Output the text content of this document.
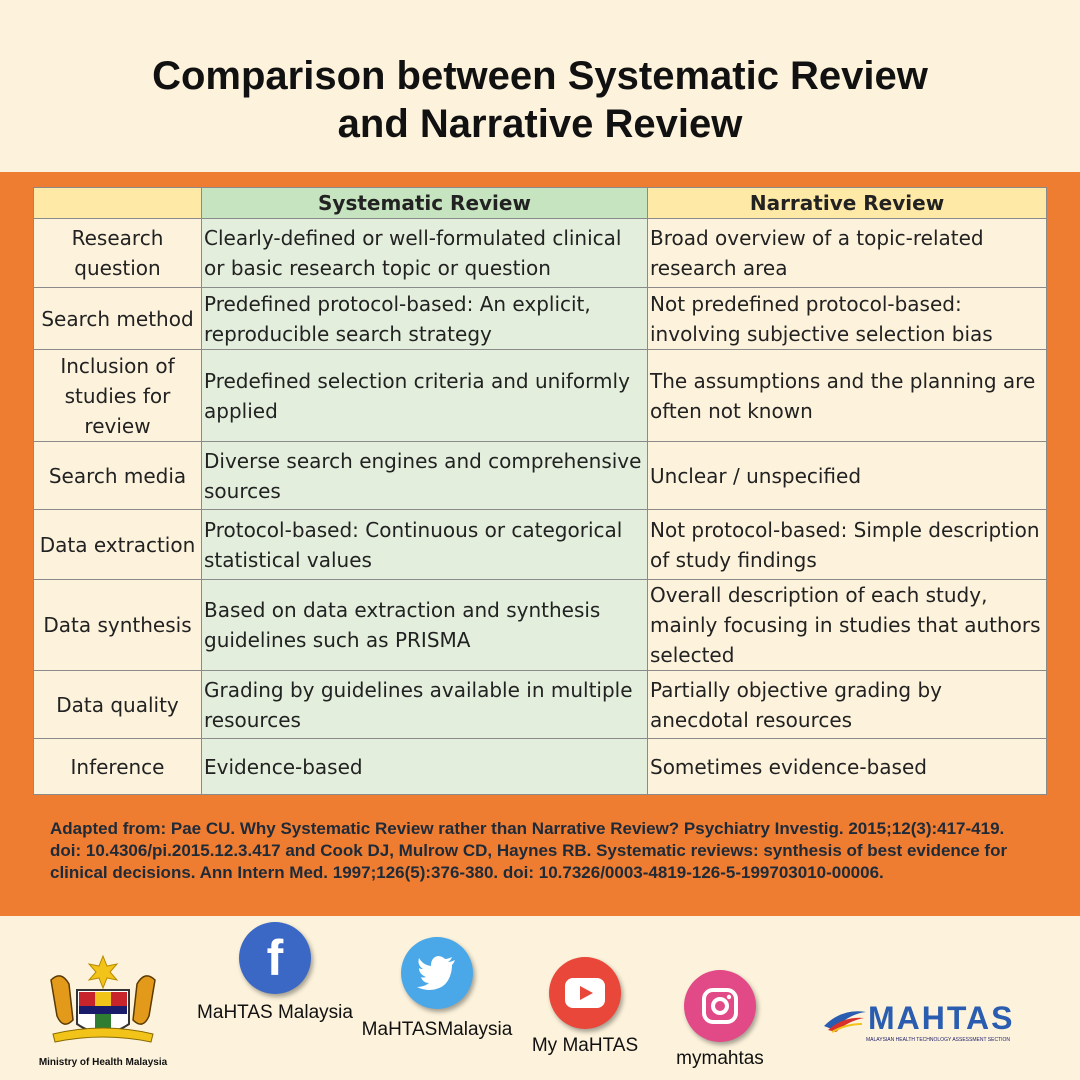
Comparison between Systematic Review
and Narrative Review
	Systematic Review	Narrative Review
Research question	Clearly-defined or well-formulated clinical or basic research topic or question	Broad overview of a topic-related research area
Search method	Predefined protocol-based: An explicit, reproducible search strategy	Not predefined protocol-based: involving subjective selection bias
Inclusion of studies for review	Predefined selection criteria and uniformly applied	The assumptions and the planning are often not known
Search media	Diverse search engines and comprehensive sources	Unclear / unspecified
Data extraction	Protocol-based: Continuous or categorical statistical values	Not protocol-based: Simple description of study findings
Data synthesis	Based on data extraction and synthesis guidelines such as PRISMA	Overall description of each study, mainly focusing in studies that authors selected
Data quality	Grading by guidelines available in multiple resources	Partially objective grading by anecdotal resources
Inference	Evidence-based	Sometimes evidence-based
Adapted from: Pae CU. Why Systematic Review rather than Narrative Review? Psychiatry Investig. 2015;12(3):417-419. doi: 10.4306/pi.2015.12.3.417 and Cook DJ, Mulrow CD, Haynes RB. Systematic reviews: synthesis of best evidence for clinical decisions. Ann Intern Med. 1997;126(5):376-380. doi: 10.7326/0003-4819-126-5-199703010-00006.
Ministry of Health Malaysia
f
MaHTAS Malaysia
MaHTASMalaysia
My MaHTAS
mymahtas
MAHTAS
MALAYSIAN HEALTH TECHNOLOGY ASSESSMENT SECTION
